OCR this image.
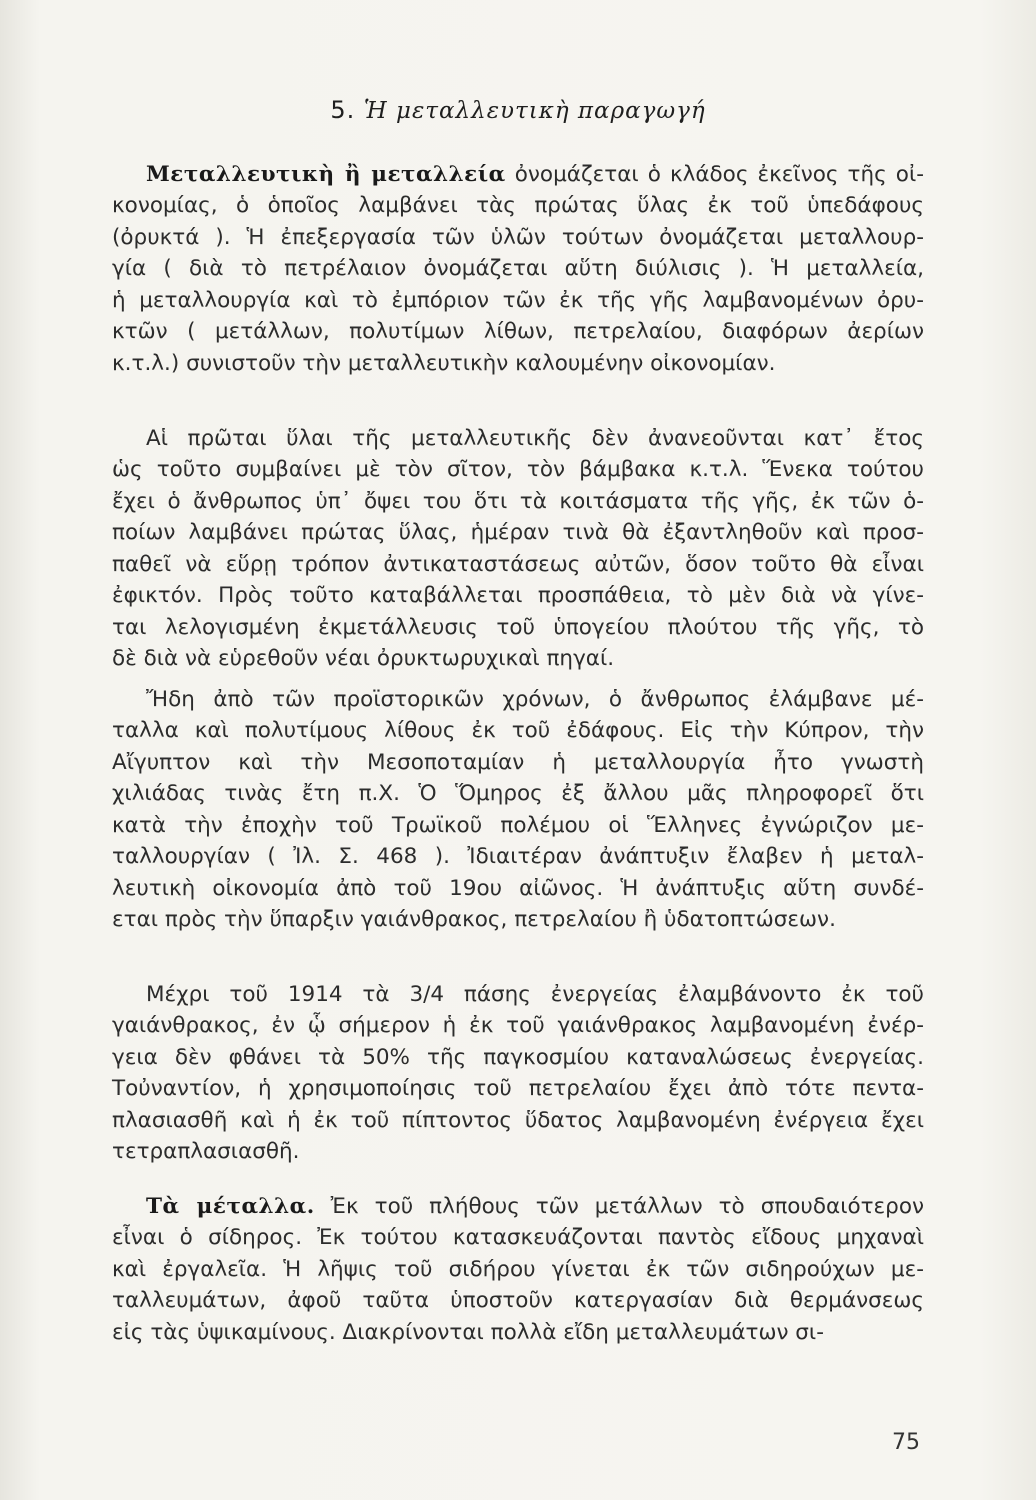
5. Ἡ μεταλλευτικὴ παραγωγή
Μεταλλευτικὴ ἢ μεταλλεία ὀνομάζεται ὁ κλάδος ἐκεῖνος τῆς οἰ-
κονομίας, ὁ ὁποῖος λαμβάνει τὰς πρώτας ὕλας ἐκ τοῦ ὑπεδάφους
(ὀρυκτά ). Ἡ ἐπεξεργασία τῶν ὑλῶν τούτων ὀνομάζεται μεταλλουρ-
γία ( διὰ τὸ πετρέλαιον ὀνομάζεται αὕτη διύλισις ). Ἡ μεταλλεία,
ἡ μεταλλουργία καὶ τὸ ἐμπόριον τῶν ἐκ τῆς γῆς λαμβανομένων ὀρυ-
κτῶν ( μετάλλων, πολυτίμων λίθων, πετρελαίου, διαφόρων ἀερίων
κ.τ.λ.) συνιστοῦν τὴν μεταλλευτικὴν καλουμένην οἰκονομίαν.
Αἱ πρῶται ὕλαι τῆς μεταλλευτικῆς δὲν ἀνανεοῦνται κατ᾽ ἔτος
ὡς τοῦτο συμβαίνει μὲ τὸν σῖτον, τὸν βάμβακα κ.τ.λ. Ἕνεκα τούτου
ἔχει ὁ ἄνθρωπος ὑπ᾽ ὄψει του ὅτι τὰ κοιτάσματα τῆς γῆς, ἐκ τῶν ὁ-
ποίων λαμβάνει πρώτας ὕλας, ἡμέραν τινὰ θὰ ἐξαντληθοῦν καὶ προσ-
παθεῖ νὰ εὕρῃ τρόπον ἀντικαταστάσεως αὐτῶν, ὅσον τοῦτο θὰ εἶναι
ἐφικτόν. Πρὸς τοῦτο καταβάλλεται προσπάθεια, τὸ μὲν διὰ νὰ γίνε-
ται λελογισμένη ἐκμετάλλευσις τοῦ ὑπογείου πλούτου τῆς γῆς, τὸ
δὲ διὰ νὰ εὑρεθοῦν νέαι ὀρυκτωρυχικαὶ πηγαί.
Ἤδη ἀπὸ τῶν προϊστορικῶν χρόνων, ὁ ἄνθρωπος ἐλάμβανε μέ-
ταλλα καὶ πολυτίμους λίθους ἐκ τοῦ ἐδάφους. Εἰς τὴν Κύπρον, τὴν
Αἴγυπτον καὶ τὴν Μεσοποταμίαν ἡ μεταλλουργία ἦτο γνωστὴ
χιλιάδας τινὰς ἔτη π.Χ. Ὁ Ὅμηρος ἐξ ἄλλου μᾶς πληροφορεῖ ὅτι
κατὰ τὴν ἐποχὴν τοῦ Τρωϊκοῦ πολέμου οἱ Ἕλληνες ἐγνώριζον με-
ταλλουργίαν ( Ἰλ. Σ. 468 ). Ἰδιαιτέραν ἀνάπτυξιν ἔλαβεν ἡ μεταλ-
λευτικὴ οἰκονομία ἀπὸ τοῦ 19ου αἰῶνος. Ἡ ἀνάπτυξις αὕτη συνδέ-
εται πρὸς τὴν ὕπαρξιν γαιάνθρακος, πετρελαίου ἢ ὑδατοπτώσεων.
Μέχρι τοῦ 1914 τὰ 3/4 πάσης ἐνεργείας ἐλαμβάνοντο ἐκ τοῦ
γαιάνθρακος, ἐν ᾧ σήμερον ἡ ἐκ τοῦ γαιάνθρακος λαμβανομένη ἐνέρ-
γεια δὲν φθάνει τὰ 50% τῆς παγκοσμίου καταναλώσεως ἐνεργείας.
Τοὐναντίον, ἡ χρησιμοποίησις τοῦ πετρελαίου ἔχει ἀπὸ τότε πεντα-
πλασιασθῆ καὶ ἡ ἐκ τοῦ πίπτοντος ὕδατος λαμβανομένη ἐνέργεια ἔχει
τετραπλασιασθῆ.
Τὰ μέταλλα. Ἐκ τοῦ πλήθους τῶν μετάλλων τὸ σπουδαιότερον
εἶναι ὁ σίδηρος. Ἐκ τούτου κατασκευάζονται παντὸς εἴδους μηχαναὶ
καὶ ἐργαλεῖα. Ἡ λῆψις τοῦ σιδήρου γίνεται ἐκ τῶν σιδηρούχων με-
ταλλευμάτων, ἀφοῦ ταῦτα ὑποστοῦν κατεργασίαν διὰ θερμάνσεως
εἰς τὰς ὑψικαμίνους. Διακρίνονται πολλὰ εἴδη μεταλλευμάτων σι-
75
